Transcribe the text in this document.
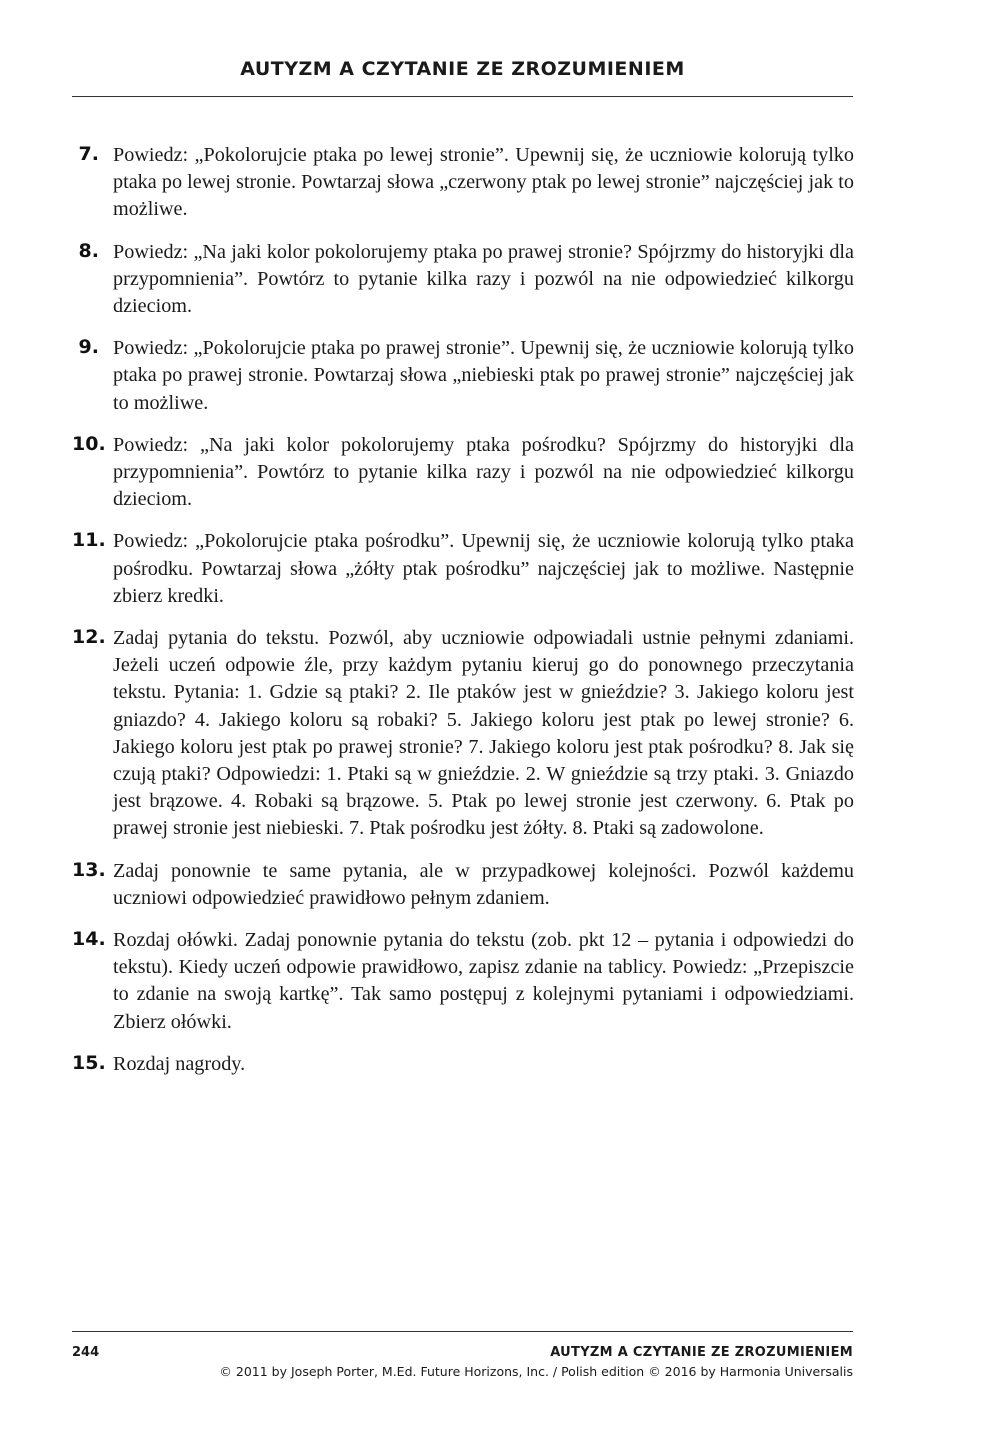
AUTYZM A CZYTANIE ZE ZROZUMIENIEM
7. Powiedz: „Pokolorujcie ptaka po lewej stronie”. Upewnij się, że uczniowie kolorują tylko ptaka po lewej stronie. Powtarzaj słowa „czerwony ptak po lewej stronie” najczęściej jak to możliwe.
8. Powiedz: „Na jaki kolor pokolorujemy ptaka po prawej stronie? Spójrzmy do historyjki dla przypomnienia”. Powtórz to pytanie kilka razy i pozwól na nie odpowiedzieć kilkorgu dzieciom.
9. Powiedz: „Pokolorujcie ptaka po prawej stronie”. Upewnij się, że uczniowie kolorują tylko ptaka po prawej stronie. Powtarzaj słowa „niebieski ptak po prawej stronie” najczęściej jak to możliwe.
10. Powiedz: „Na jaki kolor pokolorujemy ptaka pośrodku? Spójrzmy do historyjki dla przypomnienia”. Powtórz to pytanie kilka razy i pozwól na nie odpowiedzieć kilkorgu dzieciom.
11. Powiedz: „Pokolorujcie ptaka pośrodku”. Upewnij się, że uczniowie kolorują tylko ptaka pośrodku. Powtarzaj słowa „żółty ptak pośrodku” najczęściej jak to możliwe. Następnie zbierz kredki.
12. Zadaj pytania do tekstu. Pozwól, aby uczniowie odpowiadali ustnie pełnymi zdaniami. Jeżeli uczeń odpowie źle, przy każdym pytaniu kieruj go do ponownego przeczytania tekstu. Pytania: 1. Gdzie są ptaki? 2. Ile ptaków jest w gnieździe? 3. Jakiego koloru jest gniazdo? 4. Jakiego koloru są robaki? 5. Jakiego koloru jest ptak po lewej stronie? 6. Jakiego koloru jest ptak po prawej stronie? 7. Jakiego koloru jest ptak pośrodku? 8. Jak się czują ptaki? Odpowiedzi: 1. Ptaki są w gnieździe. 2. W gnieździe są trzy ptaki. 3. Gniazdo jest brązowe. 4. Robaki są brązowe. 5. Ptak po lewej stronie jest czerwony. 6. Ptak po prawej stronie jest niebieski. 7. Ptak pośrodku jest żółty. 8. Ptaki są zadowolone.
13. Zadaj ponownie te same pytania, ale w przypadkowej kolejności. Pozwól każdemu uczniowi odpowiedzieć prawidłowo pełnym zdaniem.
14. Rozdaj ołówki. Zadaj ponownie pytania do tekstu (zob. pkt 12 – pytania i odpowiedzi do tekstu). Kiedy uczeń odpowie prawidłowo, zapisz zdanie na tablicy. Powiedz: „Przepiszcie to zdanie na swoją kartkę”. Tak samo postępuj z kolejnymi pytaniami i odpowiedziami. Zbierz ołówki.
15. Rozdaj nagrody.
244	AUTYZM A CZYTANIE ZE ZROZUMIENIEM
© 2011 by Joseph Porter, M.Ed. Future Horizons, Inc. / Polish edition © 2016 by Harmonia Universalis
